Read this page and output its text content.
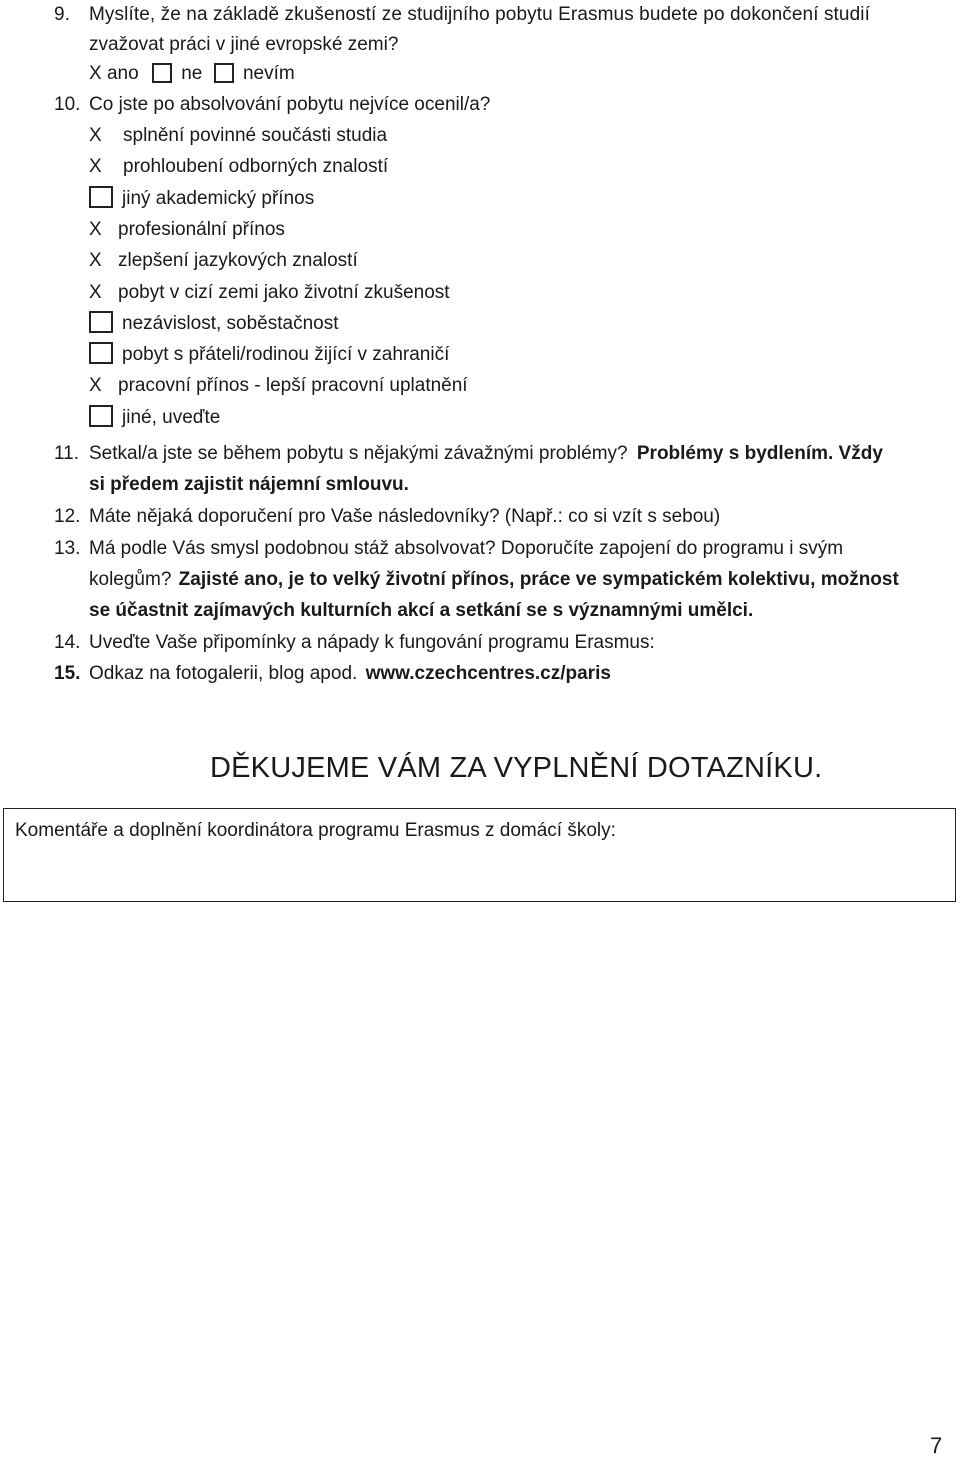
9. Myslíte, že na základě zkušeností ze studijního pobytu Erasmus budete po dokončení studií
zvažovat práci v jiné evropské zemi?
X ano ne nevím
10. Co jste po absolvování pobytu nejvíce ocenil/a?
X	splnění povinné součásti studia
X	prohloubení odborných znalostí
jiný akademický přínos
X profesionální přínos
X zlepšení jazykových znalostí
X pobyt v cizí zemi jako životní zkušenost
nezávislost, soběstačnost
pobyt s přáteli/rodinou žijící v zahraničí
X pracovní přínos - lepší pracovní uplatnění
jiné, uveďte
11. Setkal/a jste se během pobytu s nějakými závažnými problémy? Problémy s bydlením. Vždy
si předem zajistit nájemní smlouvu.
12. Máte nějaká doporučení pro Vaše následovníky? (Např.: co si vzít s sebou)
13. Má podle Vás smysl podobnou stáž absolvovat? Doporučíte zapojení do programu i svým
kolegům? Zajisté ano, je to velký životní přínos, práce ve sympatickém kolektivu, možnost
se účastnit zajímavých kulturních akcí a setkání se s významnými umělci.
14. Uveďte Vaše připomínky a nápady k fungování programu Erasmus:
15. Odkaz na fotogalerii, blog apod. www.czechcentres.cz/paris
DĚKUJEME VÁM ZA VYPLNĚNÍ DOTAZNÍKU.
Komentáře a doplnění koordinátora programu Erasmus z domácí školy:
7
